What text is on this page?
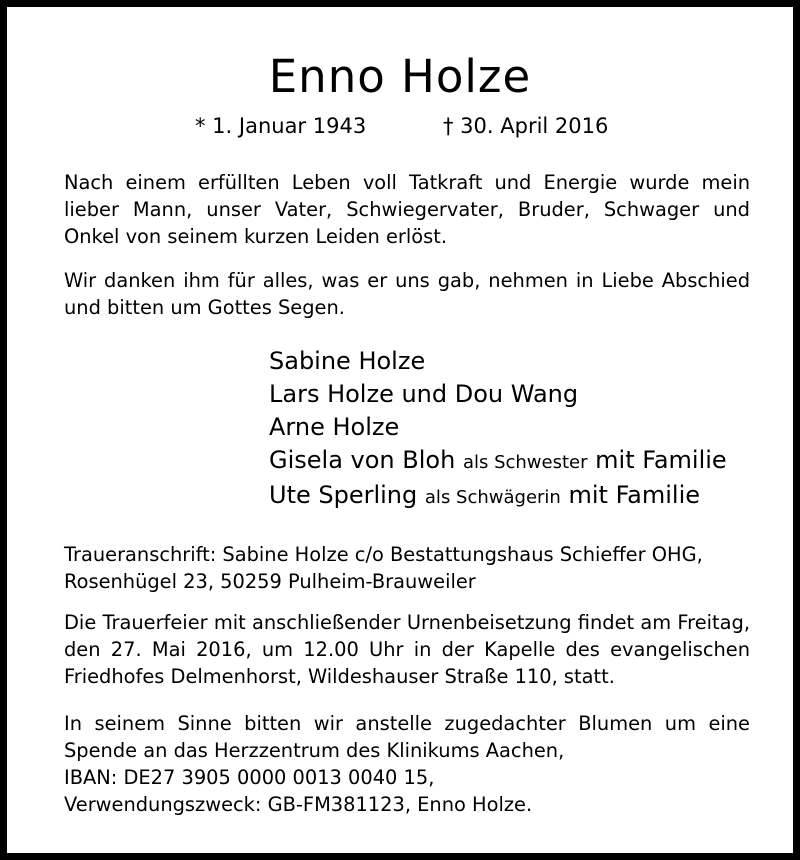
Enno Holze
* 1. Januar 1943	† 30. April 2016
Nach einem erfüllten Leben voll Tatkraft und Energie wurde mein lieber Mann, unser Vater, Schwiegervater, Bruder, Schwager und Onkel von seinem kurzen Leiden erlöst.
Wir danken ihm für alles, was er uns gab, nehmen in Liebe Abschied und bitten um Gottes Segen.
Sabine Holze
Lars Holze und Dou Wang
Arne Holze
Gisela von Bloh als Schwester mit Familie
Ute Sperling als Schwägerin mit Familie
Traueranschrift: Sabine Holze c/o Bestattungshaus Schieffer OHG,
Rosenhügel 23, 50259 Pulheim-Brauweiler
Die Trauerfeier mit anschließender Urnenbeisetzung findet am Freitag, den 27. Mai 2016, um 12.00 Uhr in der Kapelle des evangelischen Friedhofes Delmenhorst, Wildeshauser Straße 110, statt.
In seinem Sinne bitten wir anstelle zugedachter Blumen um eine Spende an das Herzzentrum des Klinikums Aachen,
IBAN: DE27 3905 0000 0013 0040 15,
Verwendungszweck: GB-FM381123, Enno Holze.
